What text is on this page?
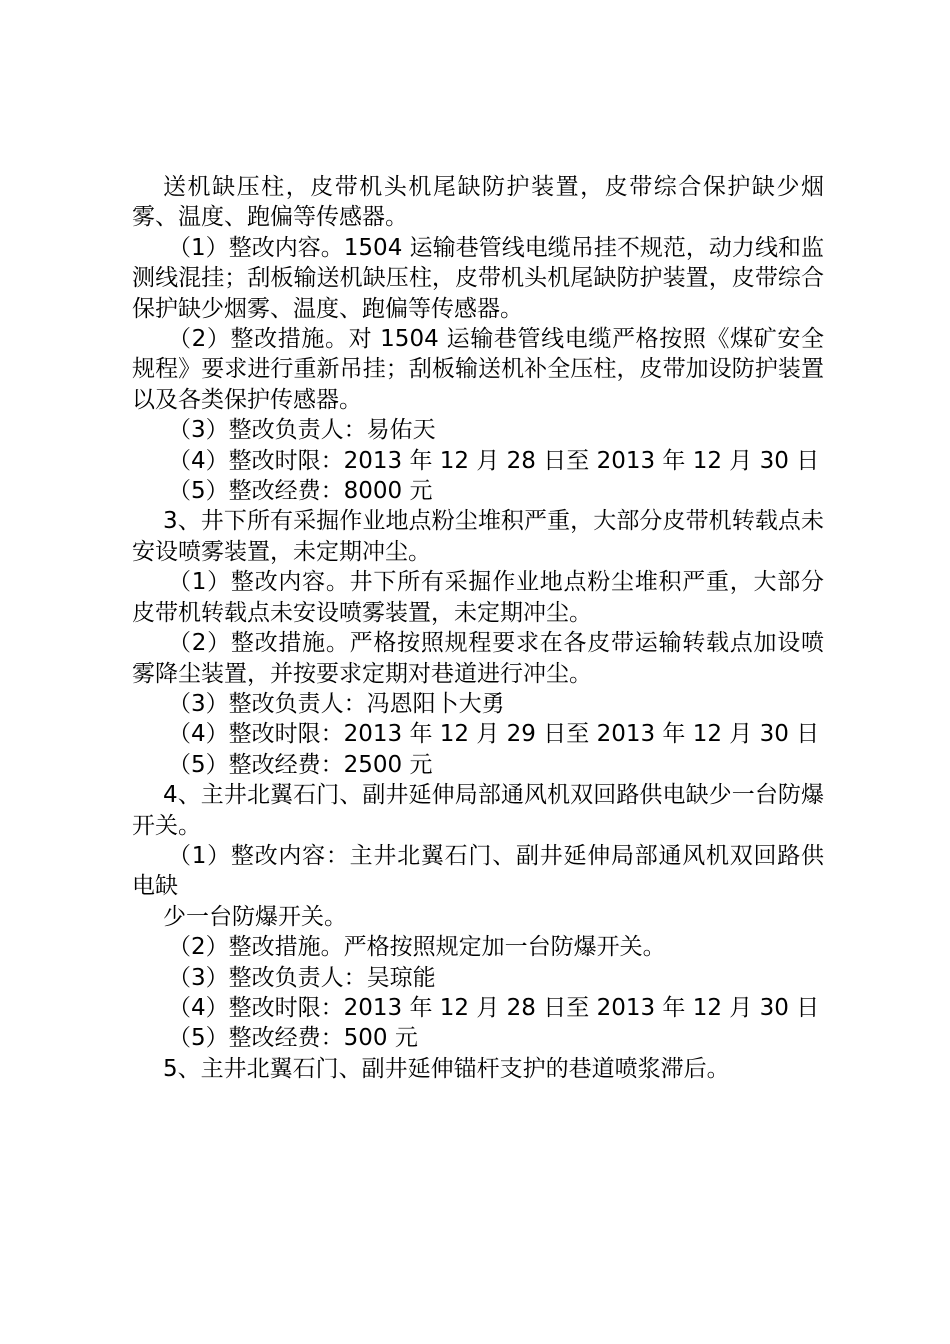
送机缺压柱，皮带机头机尾缺防护装置，皮带综合保护缺少烟雾、温度、跑偏等传感器。

（1）整改内容。1504 运输巷管线电缆吊挂不规范，动力线和监测线混挂；刮板输送机缺压柱，皮带机头机尾缺防护装置，皮带综合保护缺少烟雾、温度、跑偏等传感器。

（2）整改措施。对 1504 运输巷管线电缆严格按照《煤矿安全规程》要求进行重新吊挂；刮板输送机补全压柱，皮带加设防护装置以及各类保护传感器。

（3）整改负责人：易佑天

（4）整改时限：2013 年 12 月 28 日至 2013 年 12 月 30 日

（5）整改经费：8000 元

3、井下所有采掘作业地点粉尘堆积严重，大部分皮带机转载点未安设喷雾装置，未定期冲尘。

（1）整改内容。井下所有采掘作业地点粉尘堆积严重，大部分皮带机转载点未安设喷雾装置，未定期冲尘。

（2）整改措施。严格按照规程要求在各皮带运输转载点加设喷雾降尘装置，并按要求定期对巷道进行冲尘。

（3）整改负责人：冯恩阳卜大勇

（4）整改时限：2013 年 12 月 29 日至 2013 年 12 月 30 日

（5）整改经费：2500 元

4、主井北翼石门、副井延伸局部通风机双回路供电缺少一台防爆开关。

（1）整改内容：主井北翼石门、副井延伸局部通风机双回路供电缺

少一台防爆开关。

（2）整改措施。严格按照规定加一台防爆开关。

（3）整改负责人：吴琼能

（4）整改时限：2013 年 12 月 28 日至 2013 年 12 月 30 日

（5）整改经费：500 元

5、主井北翼石门、副井延伸锚杆支护的巷道喷浆滞后。
